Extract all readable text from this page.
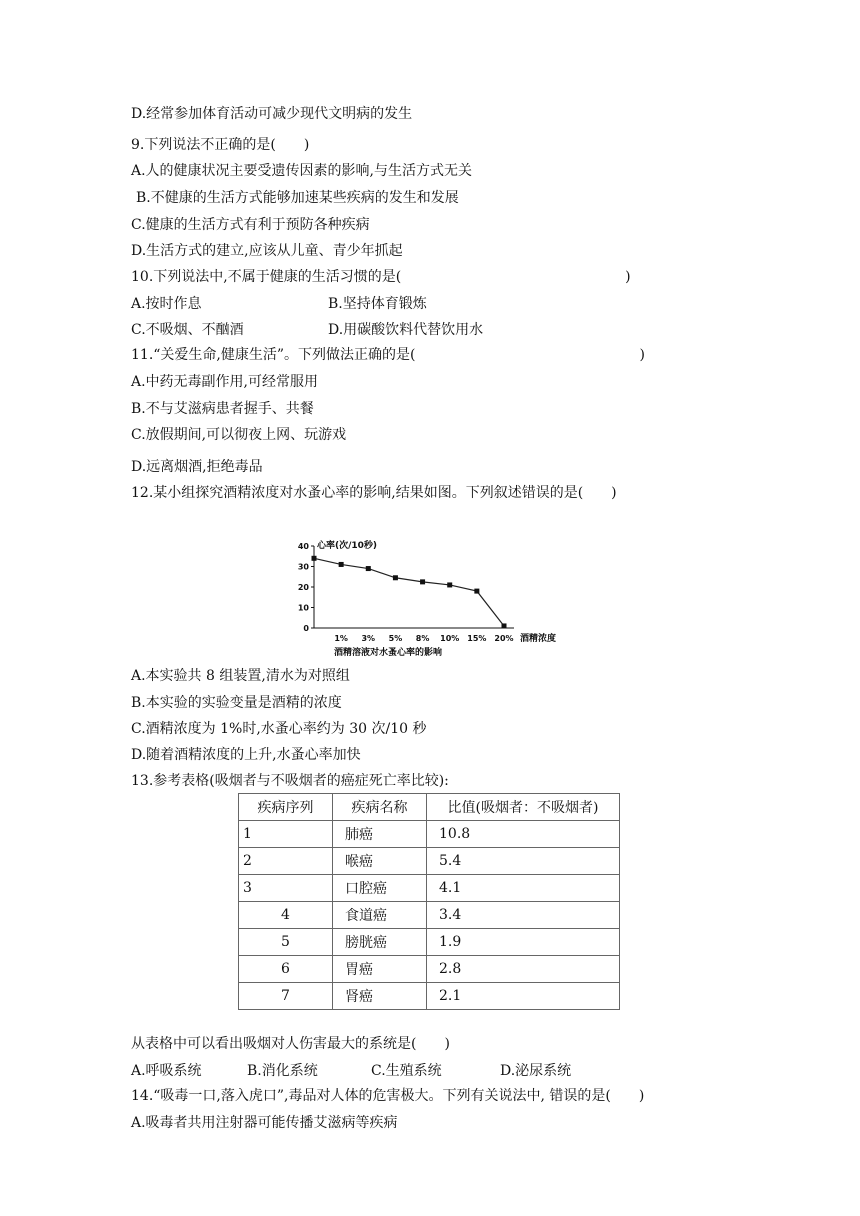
D.经常参加体育活动可减少现代文明病的发生
9.下列说法不正确的是(　　)
A.人的健康状况主要受遗传因素的影响,与生活方式无关
B.不健康的生活方式能够加速某些疾病的发生和发展
C.健康的生活方式有利于预防各种疾病
D.生活方式的建立,应该从儿童、青少年抓起
10.下列说法中,不属于健康的生活习惯的是(　　　　　　　　　　　　　　　　)
A.按时作息	B.坚持体育锻炼
C.不吸烟、不酗酒	D.用碳酸饮料代替饮用水
11.“关爱生命,健康生活”。下列做法正确的是(　　　　　　　　　　　　　　　　)
A.中药无毒副作用,可经常服用
B.不与艾滋病患者握手、共餐
C.放假期间,可以彻夜上网、玩游戏
D.远离烟酒,拒绝毒品
12.某小组探究酒精浓度对水蚤心率的影响,结果如图。下列叙述错误的是(　　)
心率(次/10秒)
0
10
20
30
40
1% 3% 5% 8% 10% 15% 20% 酒精浓度
酒精溶液对水蚤心率的影响
A.本实验共 8 组装置,清水为对照组
B.本实验的实验变量是酒精的浓度
C.酒精浓度为 1%时,水蚤心率约为 30 次/10 秒
D.随着酒精浓度的上升,水蚤心率加快
13.参考表格(吸烟者与不吸烟者的癌症死亡率比较):
疾病序列	疾病名称	比值(吸烟者：不吸烟者)
1	肺癌	10.8
2	喉癌	5.4
3	口腔癌	4.1
4	食道癌	3.4
5	膀胱癌	1.9
6	胃癌	2.8
7	肾癌	2.1
从表格中可以看出吸烟对人伤害最大的系统是(　　)
A.呼吸系统	B.消化系统	C.生殖系统	D.泌尿系统
14.“吸毒一口,落入虎口”,毒品对人体的危害极大。下列有关说法中, 错误的是(　　)
A.吸毒者共用注射器可能传播艾滋病等疾病
